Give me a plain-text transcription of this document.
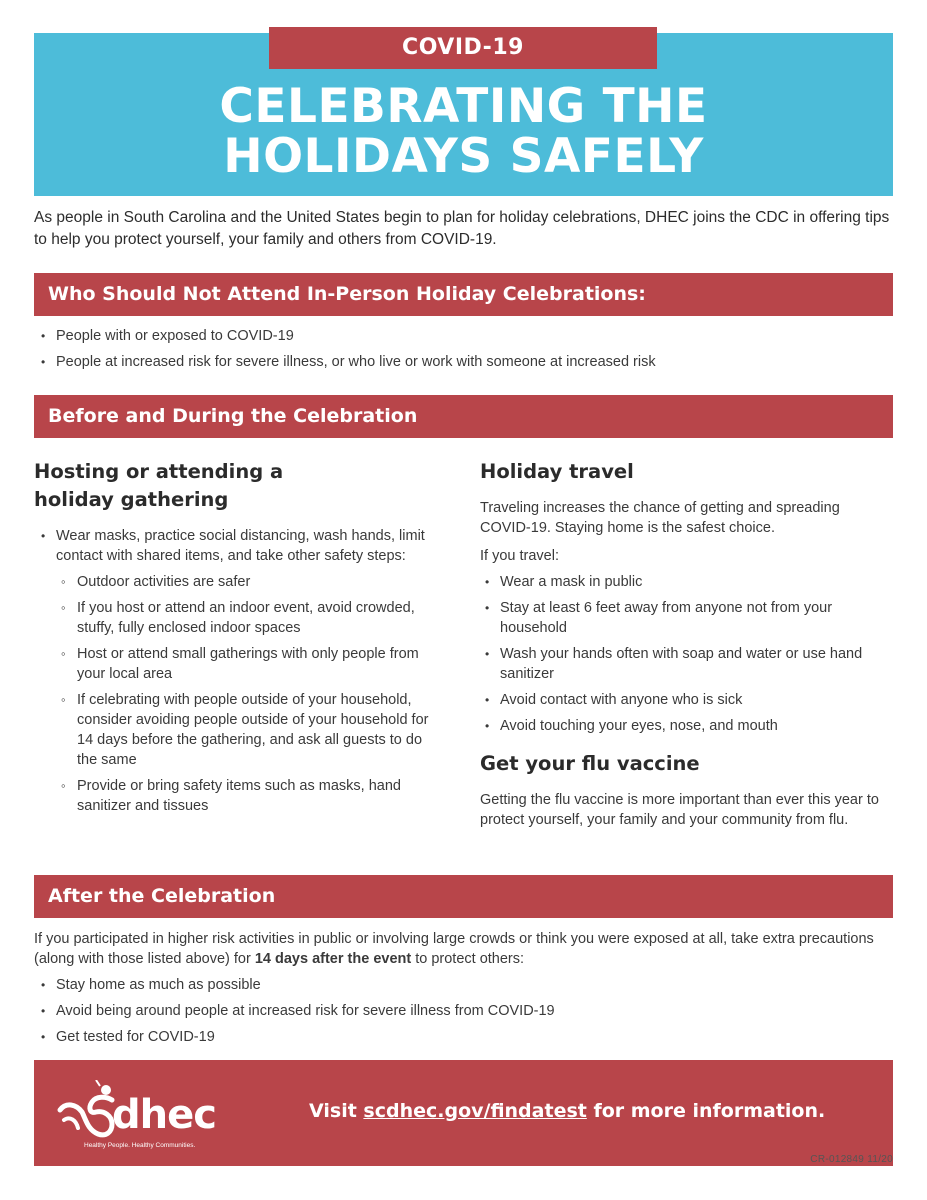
COVID-19
CELEBRATING THE
HOLIDAYS SAFELY

As people in South Carolina and the United States begin to plan for holiday celebrations, DHEC joins the CDC in offering tips to help you protect yourself, your family and others from COVID-19.

Who Should Not Attend In-Person Holiday Celebrations:
• People with or exposed to COVID-19
• People at increased risk for severe illness, or who live or work with someone at increased risk
Before and During the Celebration
Hosting or attending a
holiday gathering
• Wear masks, practice social distancing, wash hands, limit contact with shared items, and take other safety steps:
◦ Outdoor activities are safer
◦ If you host or attend an indoor event, avoid crowded, stuffy, fully enclosed indoor spaces
◦ Host or attend small gatherings with only people from your local area
◦ If celebrating with people outside of your household, consider avoiding people outside of your household for 14 days before the gathering, and ask all guests to do the same
◦ Provide or bring safety items such as masks, hand sanitizer and tissues
Holiday travel

Traveling increases the chance of getting and spreading COVID-19. Staying home is the safest choice.

If you travel:

• Wear a mask in public
• Stay at least 6 feet away from anyone not from your household
• Wash your hands often with soap and water or use hand sanitizer
• Avoid contact with anyone who is sick
• Avoid touching your eyes, nose, and mouth
Get your flu vaccine

Getting the flu vaccine is more important than ever this year to protect yourself, your family and your community from flu.

After the Celebration

If you participated in higher risk activities in public or involving large crowds or think you were exposed at all, take extra precautions (along with those listed above) for 14 days after the event to protect others:

• Stay home as much as possible
• Avoid being around people at increased risk for severe illness from COVID-19
• Get tested for COVID-19
dhec
Healthy People. Healthy Communities.
Visit scdhec.gov/findatest for more information.
CR-012849 11/20
